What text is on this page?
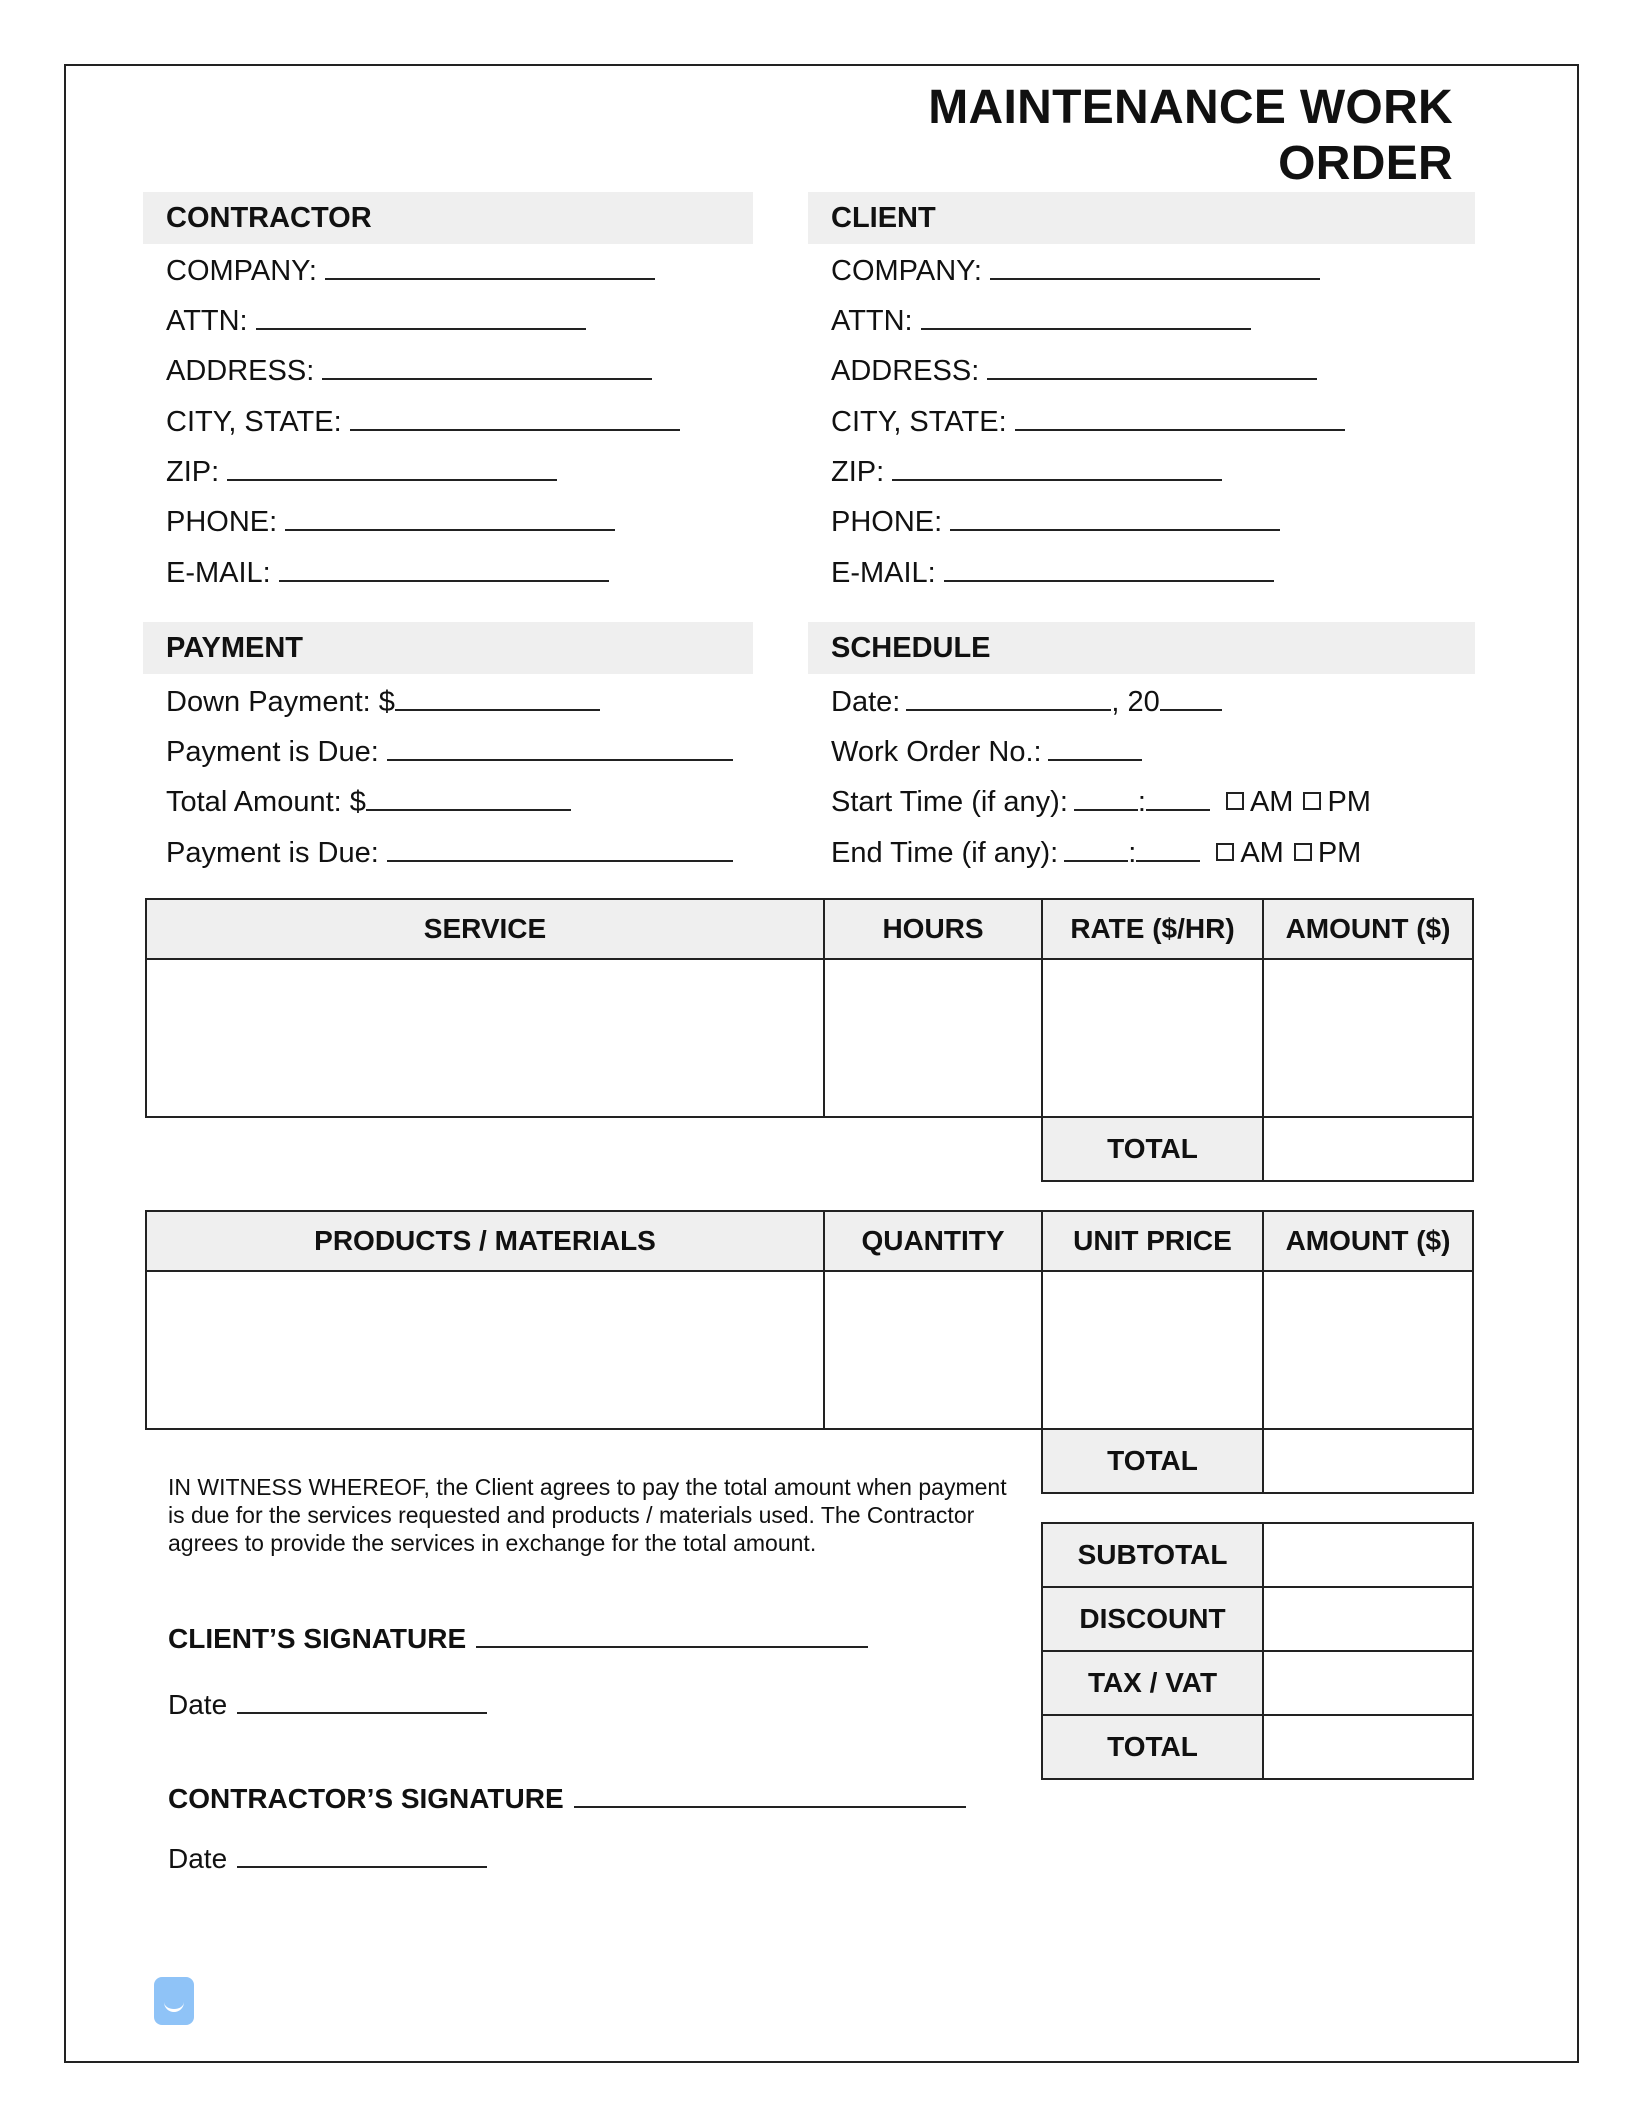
MAINTENANCE WORK ORDER
CONTRACTOR
COMPANY:
ATTN:
ADDRESS:
CITY, STATE:
ZIP:
PHONE:
E-MAIL:
CLIENT
COMPANY:
ATTN:
ADDRESS:
CITY, STATE:
ZIP:
PHONE:
E-MAIL:
PAYMENT
Down Payment: $
Payment is Due:
Total Amount: $
Payment is Due:
SCHEDULE
Date:	, 20
Work Order No.:
Start Time (if any): :	AM PM
End Time (if any): :	AM PM
SERVICE	HOURS	RATE ($/HR)	AMOUNT ($)

TOTAL	
PRODUCTS / MATERIALS	QUANTITY	UNIT PRICE	AMOUNT ($)

TOTAL	
IN WITNESS WHEREOF, the Client agrees to pay the total amount when payment is due for the services requested and products / materials used. The Contractor agrees to provide the services in exchange for the total amount.	SUBTOTAL	
DISCOUNT	
TAX / VAT	
TOTAL	
CLIENT’S SIGNATURE
Date
CONTRACTOR’S SIGNATURE
Date
